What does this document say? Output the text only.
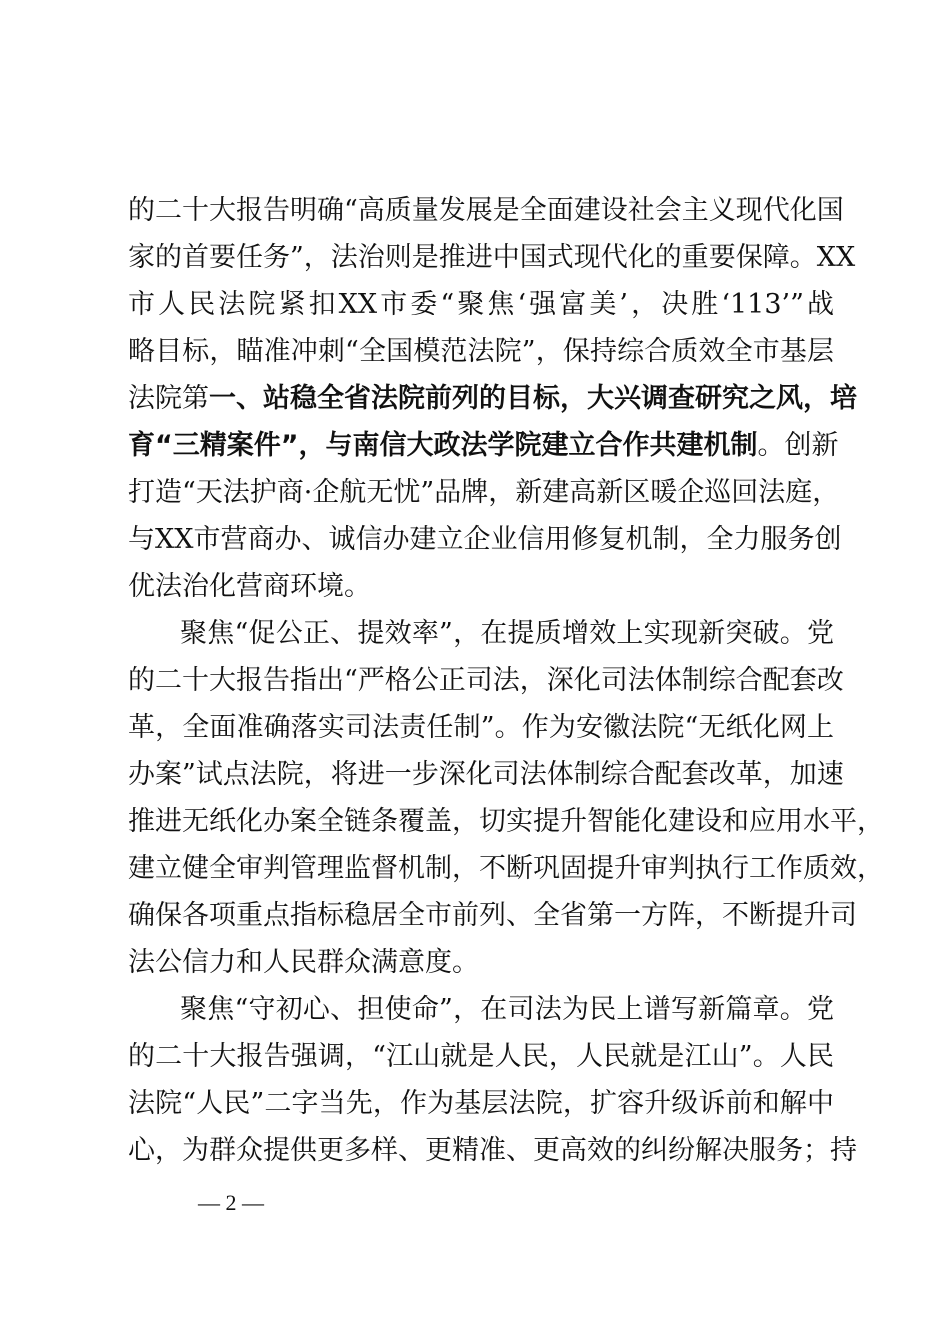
的二十大报告明确“高质量发展是全面建设社会主义现代化国
家的首要任务”，法治则是推进中国式现代化的重要保障。XX
市人民法院紧扣XX市委“聚焦‘强富美’，决胜‘113’”战
略目标，瞄准冲刺“全国模范法院”，保持综合质效全市基层
法院第一、站稳全省法院前列的目标，大兴调查研究之风，培
育“三精案件”，与南信大政法学院建立合作共建机制。创新
打造“天法护商·企航无忧”品牌，新建高新区暖企巡回法庭，
与XX市营商办、诚信办建立企业信用修复机制，全力服务创
优法治化营商环境。
聚焦“促公正、提效率”，在提质增效上实现新突破。党
的二十大报告指出“严格公正司法，深化司法体制综合配套改
革，全面准确落实司法责任制”。作为安徽法院“无纸化网上
办案”试点法院，将进一步深化司法体制综合配套改革，加速
推进无纸化办案全链条覆盖，切实提升智能化建设和应用水平，
建立健全审判管理监督机制，不断巩固提升审判执行工作质效，
确保各项重点指标稳居全市前列、全省第一方阵，不断提升司
法公信力和人民群众满意度。
聚焦“守初心、担使命”，在司法为民上谱写新篇章。党
的二十大报告强调，“江山就是人民，人民就是江山”。人民
法院“人民”二字当先，作为基层法院，扩容升级诉前和解中
心，为群众提供更多样、更精准、更高效的纠纷解决服务；持
— 2 —
